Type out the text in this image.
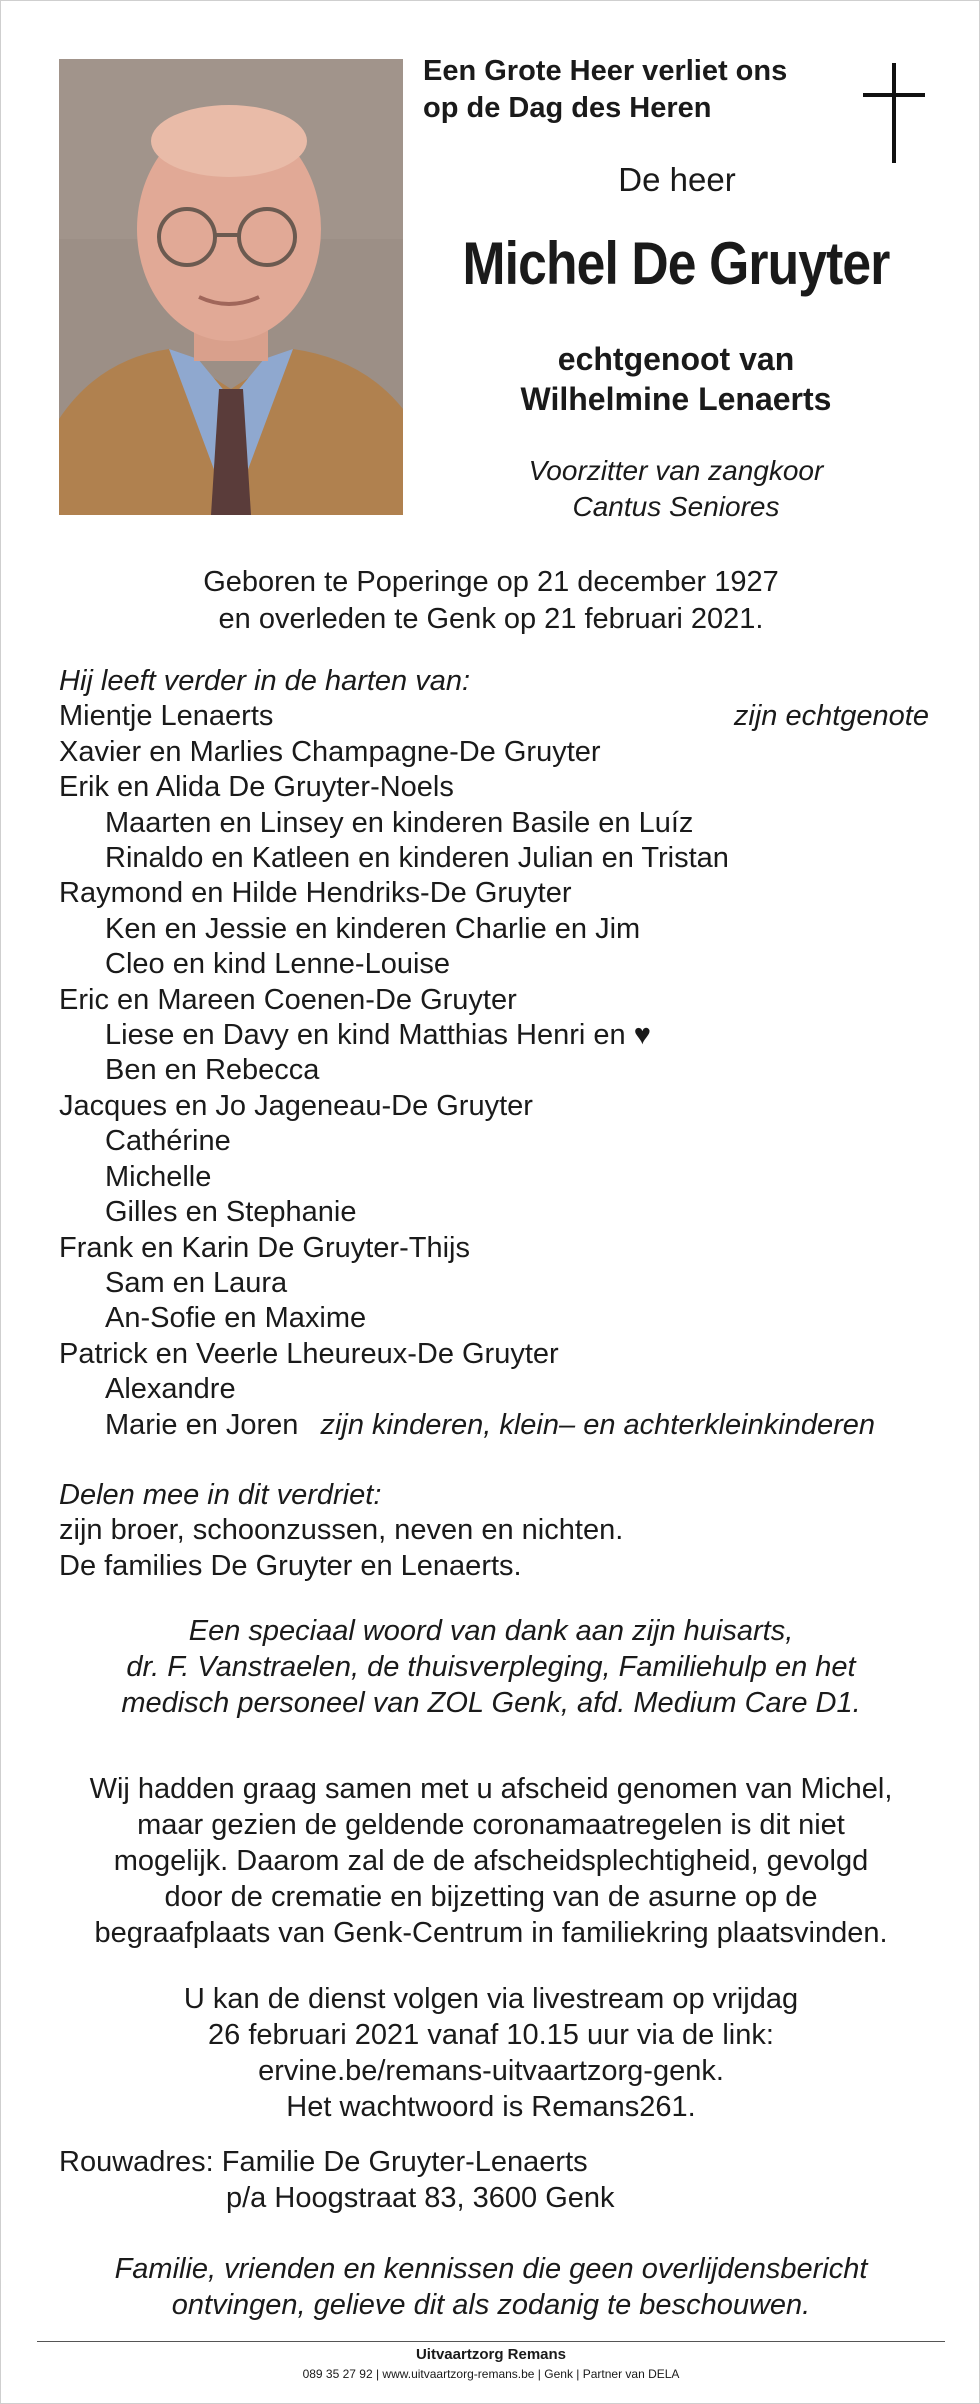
Een Grote Heer verliet ons
op de Dag des Heren
De heer
Michel De Gruyter
echtgenoot van
Wilhelmine Lenaerts
Voorzitter van zangkoor
Cantus Seniores
Geboren te Poperinge op 21 december 1927
en overleden te Genk op 21 februari 2021.
Hij leeft verder in de harten van:
Mientje Lenaerts	zijn echtgenote
Xavier en Marlies Champagne-De Gruyter
Erik en Alida De Gruyter-Noels
Maarten en Linsey en kinderen Basile en Luíz
Rinaldo en Katleen en kinderen Julian en Tristan
Raymond en Hilde Hendriks-De Gruyter
Ken en Jessie en kinderen Charlie en Jim
Cleo en kind Lenne-Louise
Eric en Mareen Coenen-De Gruyter
Liese en Davy en kind Matthias Henri en ♥
Ben en Rebecca
Jacques en Jo Jageneau-De Gruyter
Cathérine
Michelle
Gilles en Stephanie
Frank en Karin De Gruyter-Thijs
Sam en Laura
An-Sofie en Maxime
Patrick en Veerle Lheureux-De Gruyter
Alexandre
Marie en Joren zijn kinderen, klein– en achterkleinkinderen
Delen mee in dit verdriet:
zijn broer, schoonzussen, neven en nichten.
De families De Gruyter en Lenaerts.
Een speciaal woord van dank aan zijn huisarts,
dr. F. Vanstraelen, de thuisverpleging, Familiehulp en het
medisch personeel van ZOL Genk, afd. Medium Care D1.
Wij hadden graag samen met u afscheid genomen van Michel,
maar gezien de geldende coronamaatregelen is dit niet
mogelijk. Daarom zal de de afscheidsplechtigheid, gevolgd
door de crematie en bijzetting van de asurne op de
begraafplaats van Genk-Centrum in familiekring plaatsvinden.
U kan de dienst volgen via livestream op vrijdag
26 februari 2021 vanaf 10.15 uur via de link:
ervine.be/remans-uitvaartzorg-genk.
Het wachtwoord is Remans261.
Rouwadres: Familie De Gruyter-Lenaerts
p/a Hoogstraat 83, 3600 Genk
Familie, vrienden en kennissen die geen overlijdensbericht
ontvingen, gelieve dit als zodanig te beschouwen.
Uitvaartzorg Remans
089 35 27 92 | www.uitvaartzorg-remans.be | Genk | Partner van DELA
